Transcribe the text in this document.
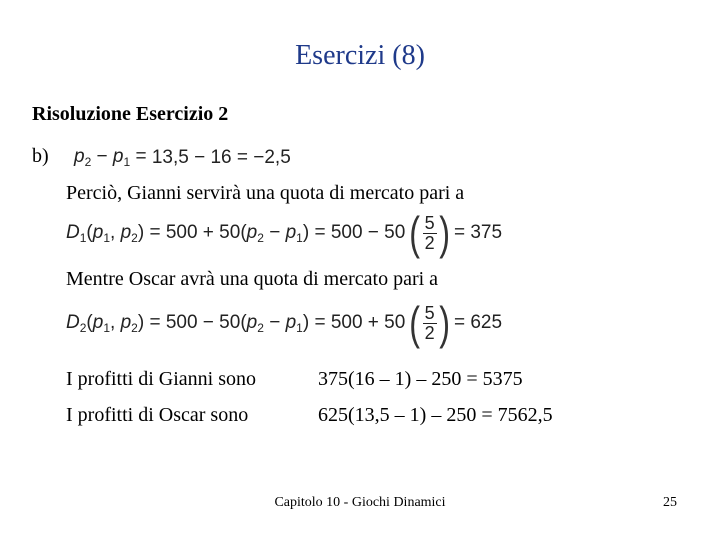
Esercizi (8)
Risoluzione Esercizio 2
b) $p_2 - p_1 = 13,5 - 16 = -2,5$
Perciò, Gianni servirà una quota di mercato pari a
$D_1(p_1$, $p_2) = 500 + 50$ $(p_2 - p_1) = 500 - 50$ ( 5
2 ) = 375
Mentre Oscar avrà una quota di mercato pari a
$D_2(p_1$, $p_2) = 500 - 50$ $(p_2 - p_1) = 500 + 50$ ( 5
2 ) = 625
I profitti di Gianni sono	375(16 – 1) – 250 = 5375
I profitti di Oscar sono	625(13,5 – 1) – 250 = 7562,5
Capitolo 10 - Giochi Dinamici	25
